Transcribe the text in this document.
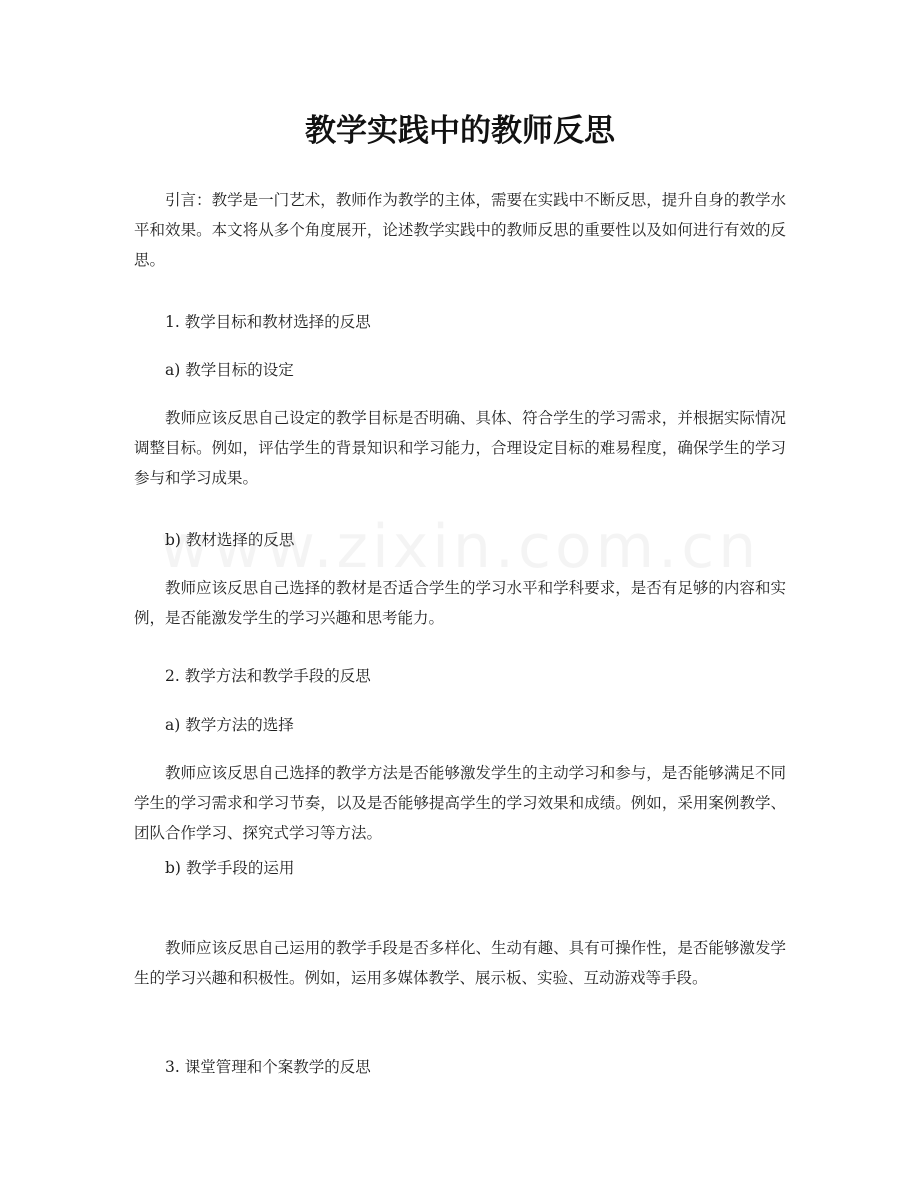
教学实践中的教师反思

引言：教学是一门艺术，教师作为教学的主体，需要在实践中不断反思，提升自身的教学水平和效果。本文将从多个角度展开，论述教学实践中的教师反思的重要性以及如何进行有效的反思。

1. 教学目标和教材选择的反思

a) 教学目标的设定

教师应该反思自己设定的教学目标是否明确、具体、符合学生的学习需求，并根据实际情况调整目标。例如，评估学生的背景知识和学习能力，合理设定目标的难易程度，确保学生的学习参与和学习成果。

b) 教材选择的反思

教师应该反思自己选择的教材是否适合学生的学习水平和学科要求，是否有足够的内容和实例，是否能激发学生的学习兴趣和思考能力。

2. 教学方法和教学手段的反思

a) 教学方法的选择

教师应该反思自己选择的教学方法是否能够激发学生的主动学习和参与，是否能够满足不同学生的学习需求和学习节奏，以及是否能够提高学生的学习效果和成绩。例如，采用案例教学、团队合作学习、探究式学习等方法。

b) 教学手段的运用

教师应该反思自己运用的教学手段是否多样化、生动有趣、具有可操作性，是否能够激发学生的学习兴趣和积极性。例如，运用多媒体教学、展示板、实验、互动游戏等手段。

3. 课堂管理和个案教学的反思
